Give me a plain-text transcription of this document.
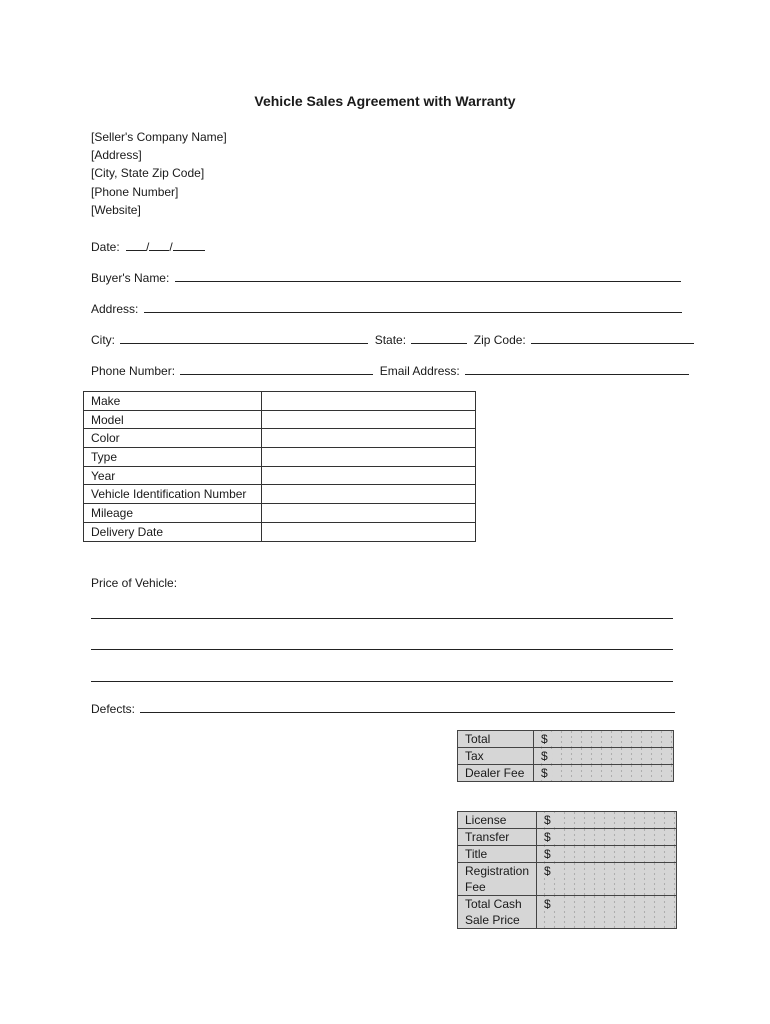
Vehicle Sales Agreement with Warranty
[Seller's Company Name]
[Address]
[City, State Zip Code]
[Phone Number]
[Website]
Date: / /
Buyer's Name:
Address:
City:	State:	Zip Code:
Phone Number:	Email Address:
Make	
Model	
Color	
Type	
Year	
Vehicle Identification Number	
Mileage	
Delivery Date	
Price of Vehicle:
Defects:
Total	$
Tax	$
Dealer Fee	$
License	$
Transfer	$
Title	$
Registration Fee	$
Total Cash Sale Price	$
